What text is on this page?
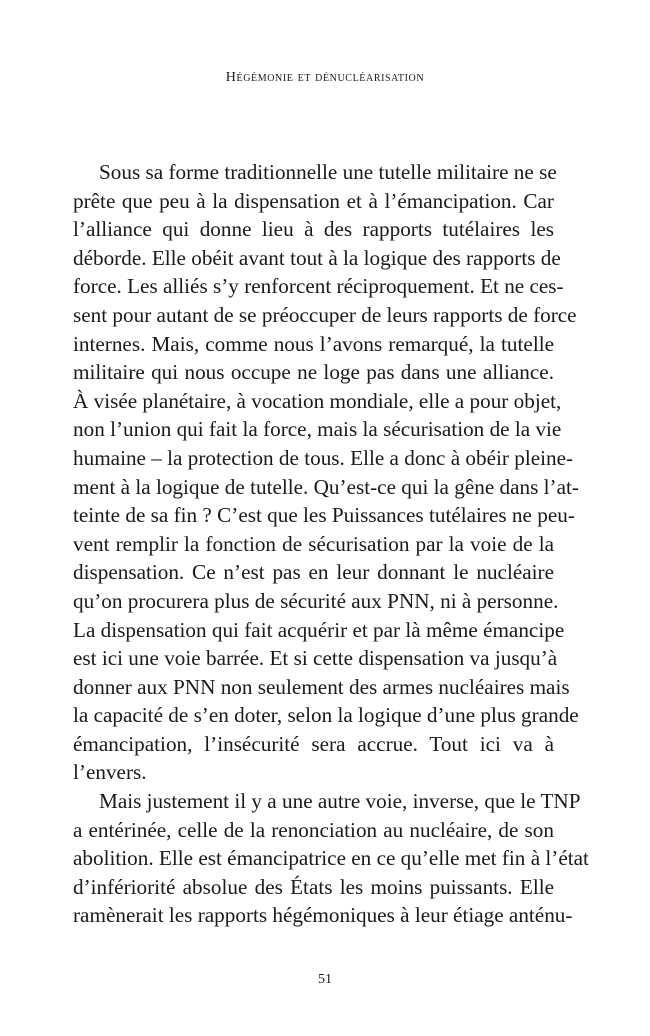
Hégémonie et dénucléarisation
Sous sa forme traditionnelle une tutelle militaire ne se
prête que peu à la dispensation et à l’émancipation. Car
l’alliance qui donne lieu à des rapports tutélaires les
déborde. Elle obéit avant tout à la logique des rapports de
force. Les alliés s’y renforcent réciproquement. Et ne ces-
sent pour autant de se préoccuper de leurs rapports de force
internes. Mais, comme nous l’avons remarqué, la tutelle
militaire qui nous occupe ne loge pas dans une alliance.
À visée planétaire, à vocation mondiale, elle a pour objet,
non l’union qui fait la force, mais la sécurisation de la vie
humaine – la protection de tous. Elle a donc à obéir pleine-
ment à la logique de tutelle. Qu’est-ce qui la gêne dans l’at-
teinte de sa fin ? C’est que les Puissances tutélaires ne peu-
vent remplir la fonction de sécurisation par la voie de la
dispensation. Ce n’est pas en leur donnant le nucléaire
qu’on procurera plus de sécurité aux PNN, ni à personne.
La dispensation qui fait acquérir et par là même émancipe
est ici une voie barrée. Et si cette dispensation va jusqu’à
donner aux PNN non seulement des armes nucléaires mais
la capacité de s’en doter, selon la logique d’une plus grande
émancipation, l’insécurité sera accrue. Tout ici va à
l’envers.
Mais justement il y a une autre voie, inverse, que le TNP
a entérinée, celle de la renonciation au nucléaire, de son
abolition. Elle est émancipatrice en ce qu’elle met fin à l’état
d’infériorité absolue des États les moins puissants. Elle
ramènerait les rapports hégémoniques à leur étiage anténu-
51
